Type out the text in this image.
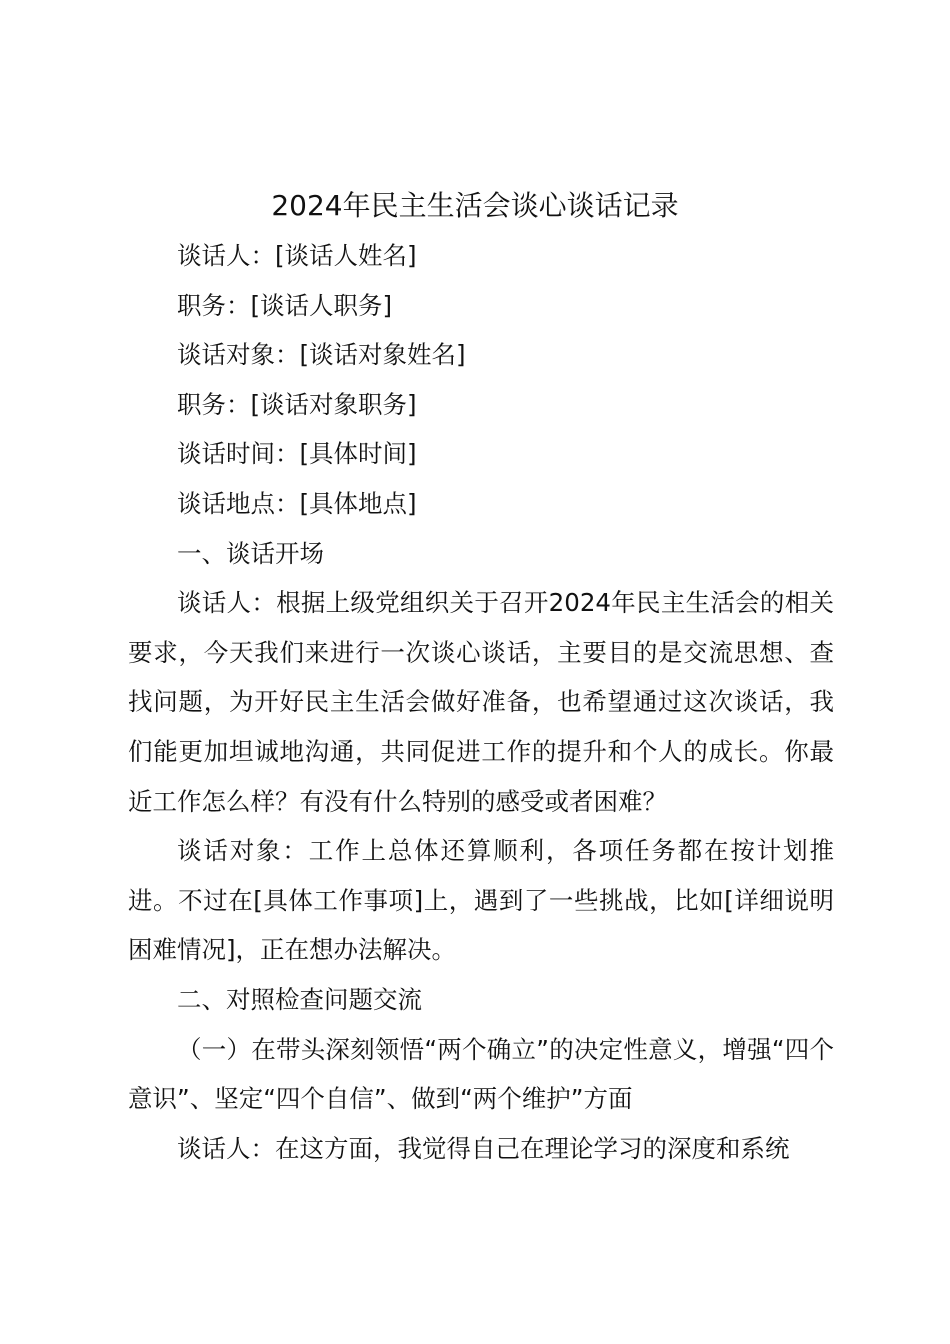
2024年民主生活会谈心谈话记录

谈话人：[谈话人姓名]

职务：[谈话人职务]

谈话对象：[谈话对象姓名]

职务：[谈话对象职务]

谈话时间：[具体时间]

谈话地点：[具体地点]

一、谈话开场

谈话人：根据上级党组织关于召开2024年民主生活会的相关要求，今天我们来进行一次谈心谈话，主要目的是交流思想、查找问题，为开好民主生活会做好准备，也希望通过这次谈话，我们能更加坦诚地沟通，共同促进工作的提升和个人的成长。你最近工作怎么样？有没有什么特别的感受或者困难？

谈话对象：工作上总体还算顺利，各项任务都在按计划推进。不过在[具体工作事项]上，遇到了一些挑战，比如[详细说明困难情况]，正在想办法解决。

二、对照检查问题交流

（一）在带头深刻领悟“两个确立”的决定性意义，增强“四个意识”、坚定“四个自信”、做到“两个维护”方面

谈话人：在这方面，我觉得自己在理论学习的深度和系统
